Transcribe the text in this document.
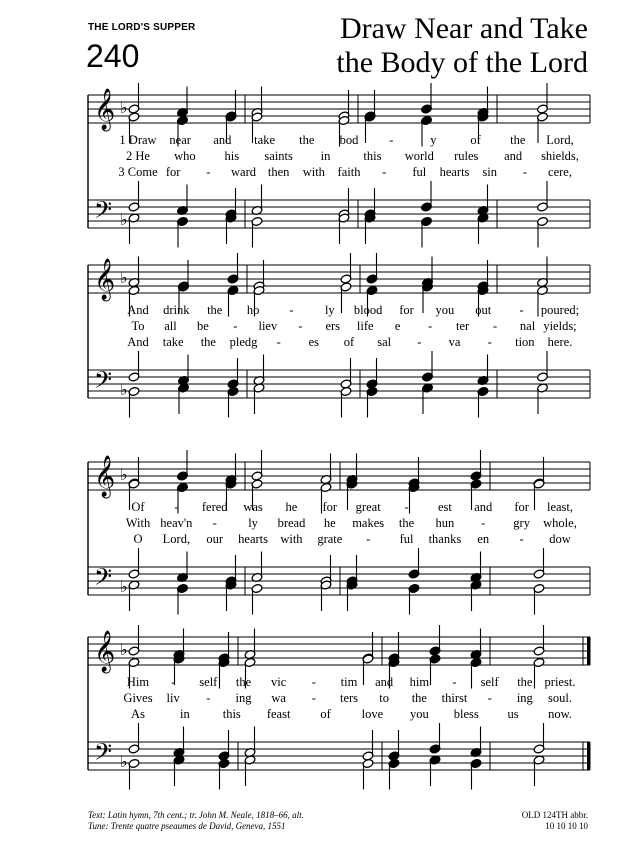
THE LORD'S SUPPER
240
Draw Near and Take
the Body of the Lord
𝄞
𝄢
♭
♭
𝄞
𝄢
♭
♭
𝄞
𝄢
♭
♭
𝄞
𝄢
♭
♭
1 Draw near and take the bod -	y	of the Lord,
2 He who his saints in	this world rules and shields,
3 Come for - ward then with faith - ful hearts sin - cere,
And drink the ho -	ly blood for you out - poured;
To all be - liev - ers life e - ter - nal yields;
And take the pledg - es of sal - va - tion here.
Of - fered was he for great - est and for least,
With heav'n -	ly bread he makes the hun - gry whole,
O Lord, our hearts with grate - ful thanks en - dow
Him - self the vic - tim and him - self the priest.
Gives liv - ing wa - ters to the thirst - ing soul.
As	in	this feast of love you bless us now.
Text: Latin hymn, 7th cent.; tr. John M. Neale, 1818–66, alt.
Tune: Trente quatre pseaumes de David, Geneva, 1551
OLD 124TH abbr.
10 10 10 10
